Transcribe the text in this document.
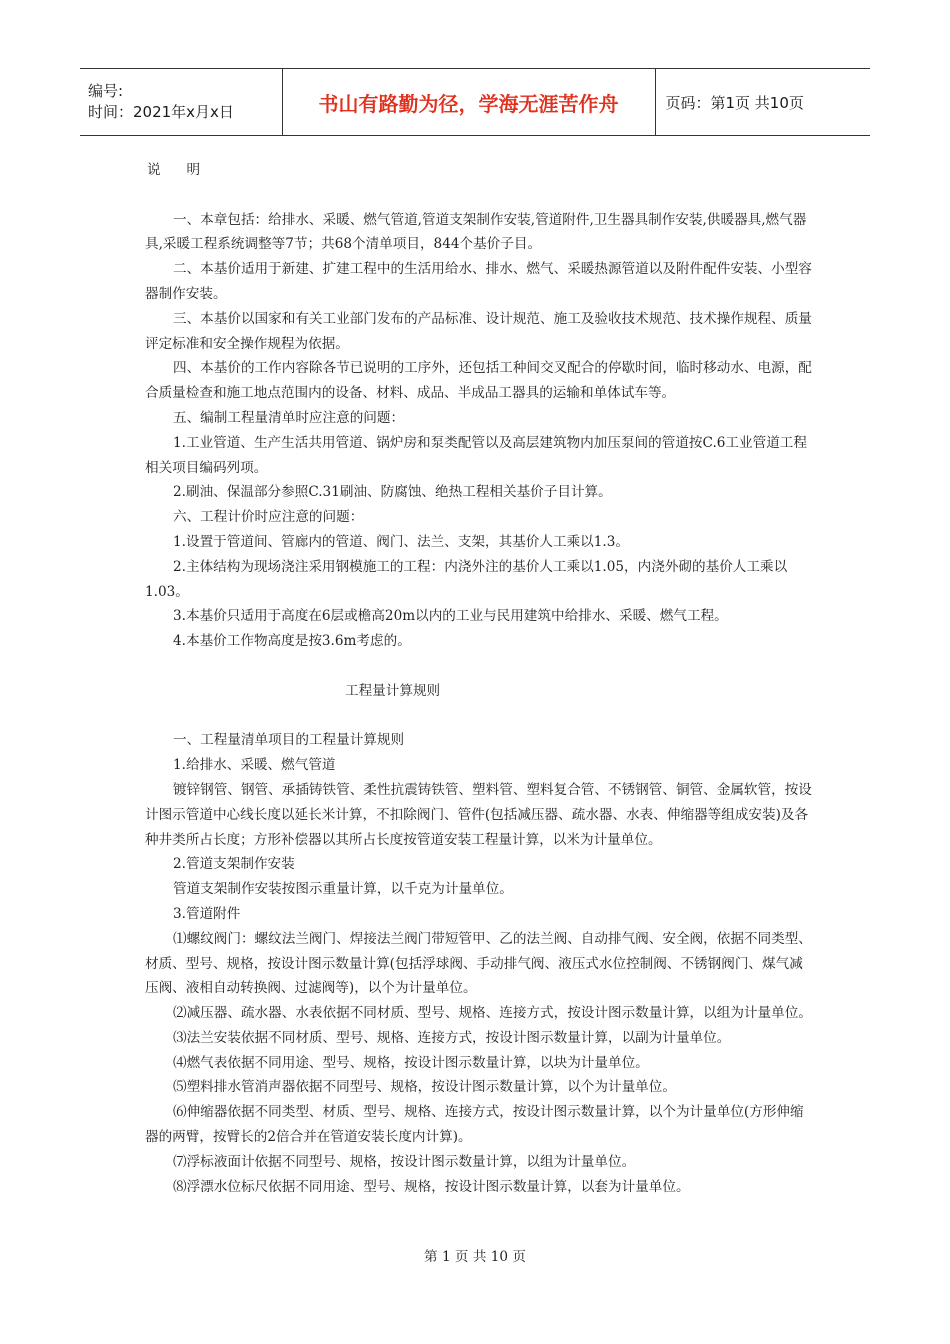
编号:
时间：2021年x月x日	书山有路勤为径，学海无涯苦作舟	页码：第1页 共10页

说      明

一、本章包括：给排水、采暖、燃气管道,管道支架制作安装,管道附件,卫生器具制作安装,供暖器具,燃气器具,采暖工程系统调整等7节；共68个清单项目，844个基价子目。

二、本基价适用于新建、扩建工程中的生活用给水、排水、燃气、采暖热源管道以及附件配件安装、小型容器制作安装。

三、本基价以国家和有关工业部门发布的产品标准、设计规范、施工及验收技术规范、技术操作规程、质量评定标准和安全操作规程为依据。

四、本基价的工作内容除各节已说明的工序外，还包括工种间交叉配合的停歇时间，临时移动水、电源，配合质量检查和施工地点范围内的设备、材料、成品、半成品工器具的运输和单体试车等。

五、编制工程量清单时应注意的问题：

1.工业管道、生产生活共用管道、锅炉房和泵类配管以及高层建筑物内加压泵间的管道按C.6工业管道工程相关项目编码列项。

2.刷油、保温部分参照C.31刷油、防腐蚀、绝热工程相关基价子目计算。

六、工程计价时应注意的问题：

1.设置于管道间、管廊内的管道、阀门、法兰、支架，其基价人工乘以1.3。

2.主体结构为现场浇注采用钢模施工的工程：内浇外注的基价人工乘以1.05，内浇外砌的基价人工乘以1.03。

3.本基价只适用于高度在6层或檐高20m以内的工业与民用建筑中给排水、采暖、燃气工程。

4.本基价工作物高度是按3.6m考虑的。

工程量计算规则

一、工程量清单项目的工程量计算规则

1.给排水、采暖、燃气管道

镀锌钢管、钢管、承插铸铁管、柔性抗震铸铁管、塑料管、塑料复合管、不锈钢管、铜管、金属软管，按设计图示管道中心线长度以延长米计算，不扣除阀门、管件(包括减压器、疏水器、水表、伸缩器等组成安装)及各种井类所占长度；方形补偿器以其所占长度按管道安装工程量计算，以米为计量单位。

2.管道支架制作安装

管道支架制作安装按图示重量计算，以千克为计量单位。

3.管道附件

⑴螺纹阀门：螺纹法兰阀门、焊接法兰阀门带短管甲、乙的法兰阀、自动排气阀、安全阀，依据不同类型、材质、型号、规格，按设计图示数量计算(包括浮球阀、手动排气阀、液压式水位控制阀、不锈钢阀门、煤气减压阀、液相自动转换阀、过滤阀等)，以个为计量单位。

⑵减压器、疏水器、水表依据不同材质、型号、规格、连接方式，按设计图示数量计算，以组为计量单位。

⑶法兰安装依据不同材质、型号、规格、连接方式，按设计图示数量计算，以副为计量单位。

⑷燃气表依据不同用途、型号、规格，按设计图示数量计算，以块为计量单位。

⑸塑料排水管消声器依据不同型号、规格，按设计图示数量计算，以个为计量单位。

⑹伸缩器依据不同类型、材质、型号、规格、连接方式，按设计图示数量计算，以个为计量单位(方形伸缩器的两臂，按臂长的2倍合并在管道安装长度内计算)。

⑺浮标液面计依据不同型号、规格，按设计图示数量计算，以组为计量单位。

⑻浮漂水位标尺依据不同用途、型号、规格，按设计图示数量计算，以套为计量单位。

第 1 页 共 10 页
